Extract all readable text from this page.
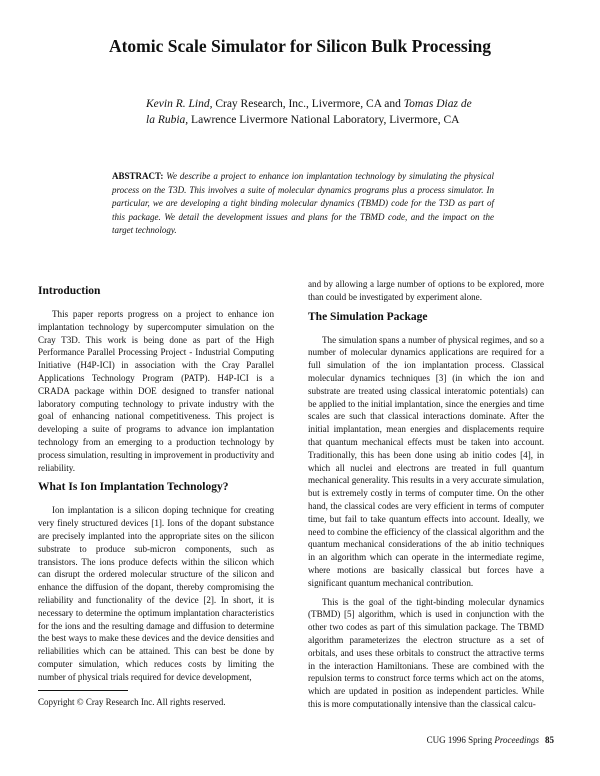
Atomic Scale Simulator for Silicon Bulk Processing
Kevin R. Lind, Cray Research, Inc., Livermore, CA and Tomas Diaz de la Rubia, Lawrence Livermore National Laboratory, Livermore, CA
ABSTRACT: We describe a project to enhance ion implantation technology by simulating the physical process on the T3D. This involves a suite of molecular dynamics programs plus a process simulator. In particular, we are developing a tight binding molecular dynamics (TBMD) code for the T3D as part of this package. We detail the development issues and plans for the TBMD code, and the impact on the target technology.
Introduction

This paper reports progress on a project to enhance ion implantation technology by supercomputer simulation on the Cray T3D. This work is being done as part of the High Performance Parallel Processing Project - Industrial Computing Initiative (H4P-ICI) in association with the Cray Parallel Applications Technology Program (PATP). H4P-ICI is a CRADA package within DOE designed to transfer national laboratory computing technology to private industry with the goal of enhancing national competitiveness. This project is developing a suite of programs to advance ion implantation technology from an emerging to a production technology by process simulation, resulting in improvement in productivity and reliability.

What Is Ion Implantation Technology?

Ion implantation is a silicon doping technique for creating very finely structured devices [1]. Ions of the dopant substance are precisely implanted into the appropriate sites on the silicon substrate to produce sub-micron components, such as transistors. The ions produce defects within the silicon which can disrupt the ordered molecular structure of the silicon and enhance the diffusion of the dopant, thereby compromising the reliability and functionality of the device [2]. In short, it is necessary to determine the optimum implantation characteristics for the ions and the resulting damage and diffusion to determine the best ways to make these devices and the device densities and reliabilities which can be attained. This can best be done by computer simulation, which reduces costs by limiting the number of physical trials required for device development,

and by allowing a large number of options to be explored, more than could be investigated by experiment alone.

The Simulation Package

The simulation spans a number of physical regimes, and so a number of molecular dynamics applications are required for a full simulation of the ion implantation process. Classical molecular dynamics techniques [3] (in which the ion and substrate are treated using classical interatomic potentials) can be applied to the initial implantation, since the energies and time scales are such that classical interactions dominate. After the initial implantation, mean energies and displacements require that quantum mechanical effects must be taken into account. Traditionally, this has been done using ab initio codes [4], in which all nuclei and electrons are treated in full quantum mechanical generality. This results in a very accurate simulation, but is extremely costly in terms of computer time. On the other hand, the classical codes are very efficient in terms of computer time, but fail to take quantum effects into account. Ideally, we need to combine the efficiency of the classical algorithm and the quantum mechanical considerations of the ab initio techniques in an algorithm which can operate in the intermediate regime, where motions are basically classical but forces have a significant quantum mechanical contribution.

This is the goal of the tight-binding molecular dynamics (TBMD) [5] algorithm, which is used in conjunction with the other two codes as part of this simulation package. The TBMD algorithm parameterizes the electron structure as a set of orbitals, and uses these orbitals to construct the attractive terms in the interaction Hamiltonians. These are combined with the repulsion terms to construct force terms which act on the atoms, which are updated in position as independent particles. While this is more computationally intensive than the classical calcu-

Copyright © Cray Research Inc. All rights reserved.
CUG 1996 Spring Proceedings 85
